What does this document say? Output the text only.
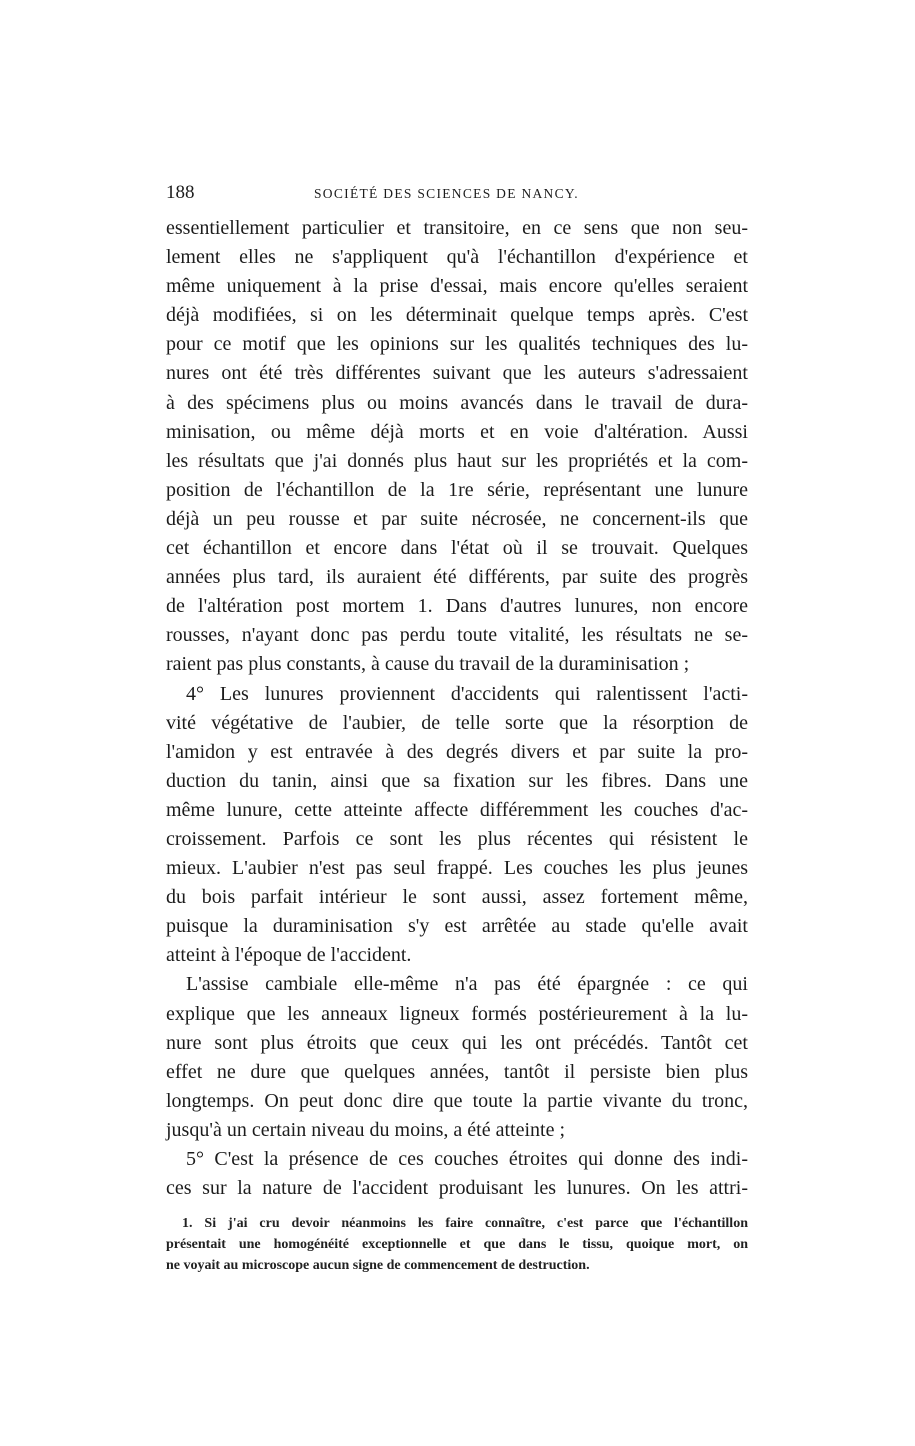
188	SOCIÉTÉ DES SCIENCES DE NANCY.
essentiellement particulier et transitoire, en ce sens que non seu-
lement elles ne s'appliquent qu'à l'échantillon d'expérience et
même uniquement à la prise d'essai, mais encore qu'elles seraient
déjà modifiées, si on les déterminait quelque temps après. C'est
pour ce motif que les opinions sur les qualités techniques des lu-
nures ont été très différentes suivant que les auteurs s'adressaient
à des spécimens plus ou moins avancés dans le travail de dura-
minisation, ou même déjà morts et en voie d'altération. Aussi
les résultats que j'ai donnés plus haut sur les propriétés et la com-
position de l'échantillon de la 1re série, représentant une lunure
déjà un peu rousse et par suite nécrosée, ne concernent-ils que
cet échantillon et encore dans l'état où il se trouvait. Quelques
années plus tard, ils auraient été différents, par suite des progrès
de l'altération post mortem 1. Dans d'autres lunures, non encore
rousses, n'ayant donc pas perdu toute vitalité, les résultats ne se-
raient pas plus constants, à cause du travail de la duraminisation ;
4° Les lunures proviennent d'accidents qui ralentissent l'acti-
vité végétative de l'aubier, de telle sorte que la résorption de
l'amidon y est entravée à des degrés divers et par suite la pro-
duction du tanin, ainsi que sa fixation sur les fibres. Dans une
même lunure, cette atteinte affecte différemment les couches d'ac-
croissement. Parfois ce sont les plus récentes qui résistent le
mieux. L'aubier n'est pas seul frappé. Les couches les plus jeunes
du bois parfait intérieur le sont aussi, assez fortement même,
puisque la duraminisation s'y est arrêtée au stade qu'elle avait
atteint à l'époque de l'accident.
L'assise cambiale elle-même n'a pas été épargnée : ce qui
explique que les anneaux ligneux formés postérieurement à la lu-
nure sont plus étroits que ceux qui les ont précédés. Tantôt cet
effet ne dure que quelques années, tantôt il persiste bien plus
longtemps. On peut donc dire que toute la partie vivante du tronc,
jusqu'à un certain niveau du moins, a été atteinte ;
5° C'est la présence de ces couches étroites qui donne des indi-
ces sur la nature de l'accident produisant les lunures. On les attri-
1. Si j'ai cru devoir néanmoins les faire connaître, c'est parce que l'échantillon
présentait une homogénéité exceptionnelle et que dans le tissu, quoique mort, on
ne voyait au microscope aucun signe de commencement de destruction.
